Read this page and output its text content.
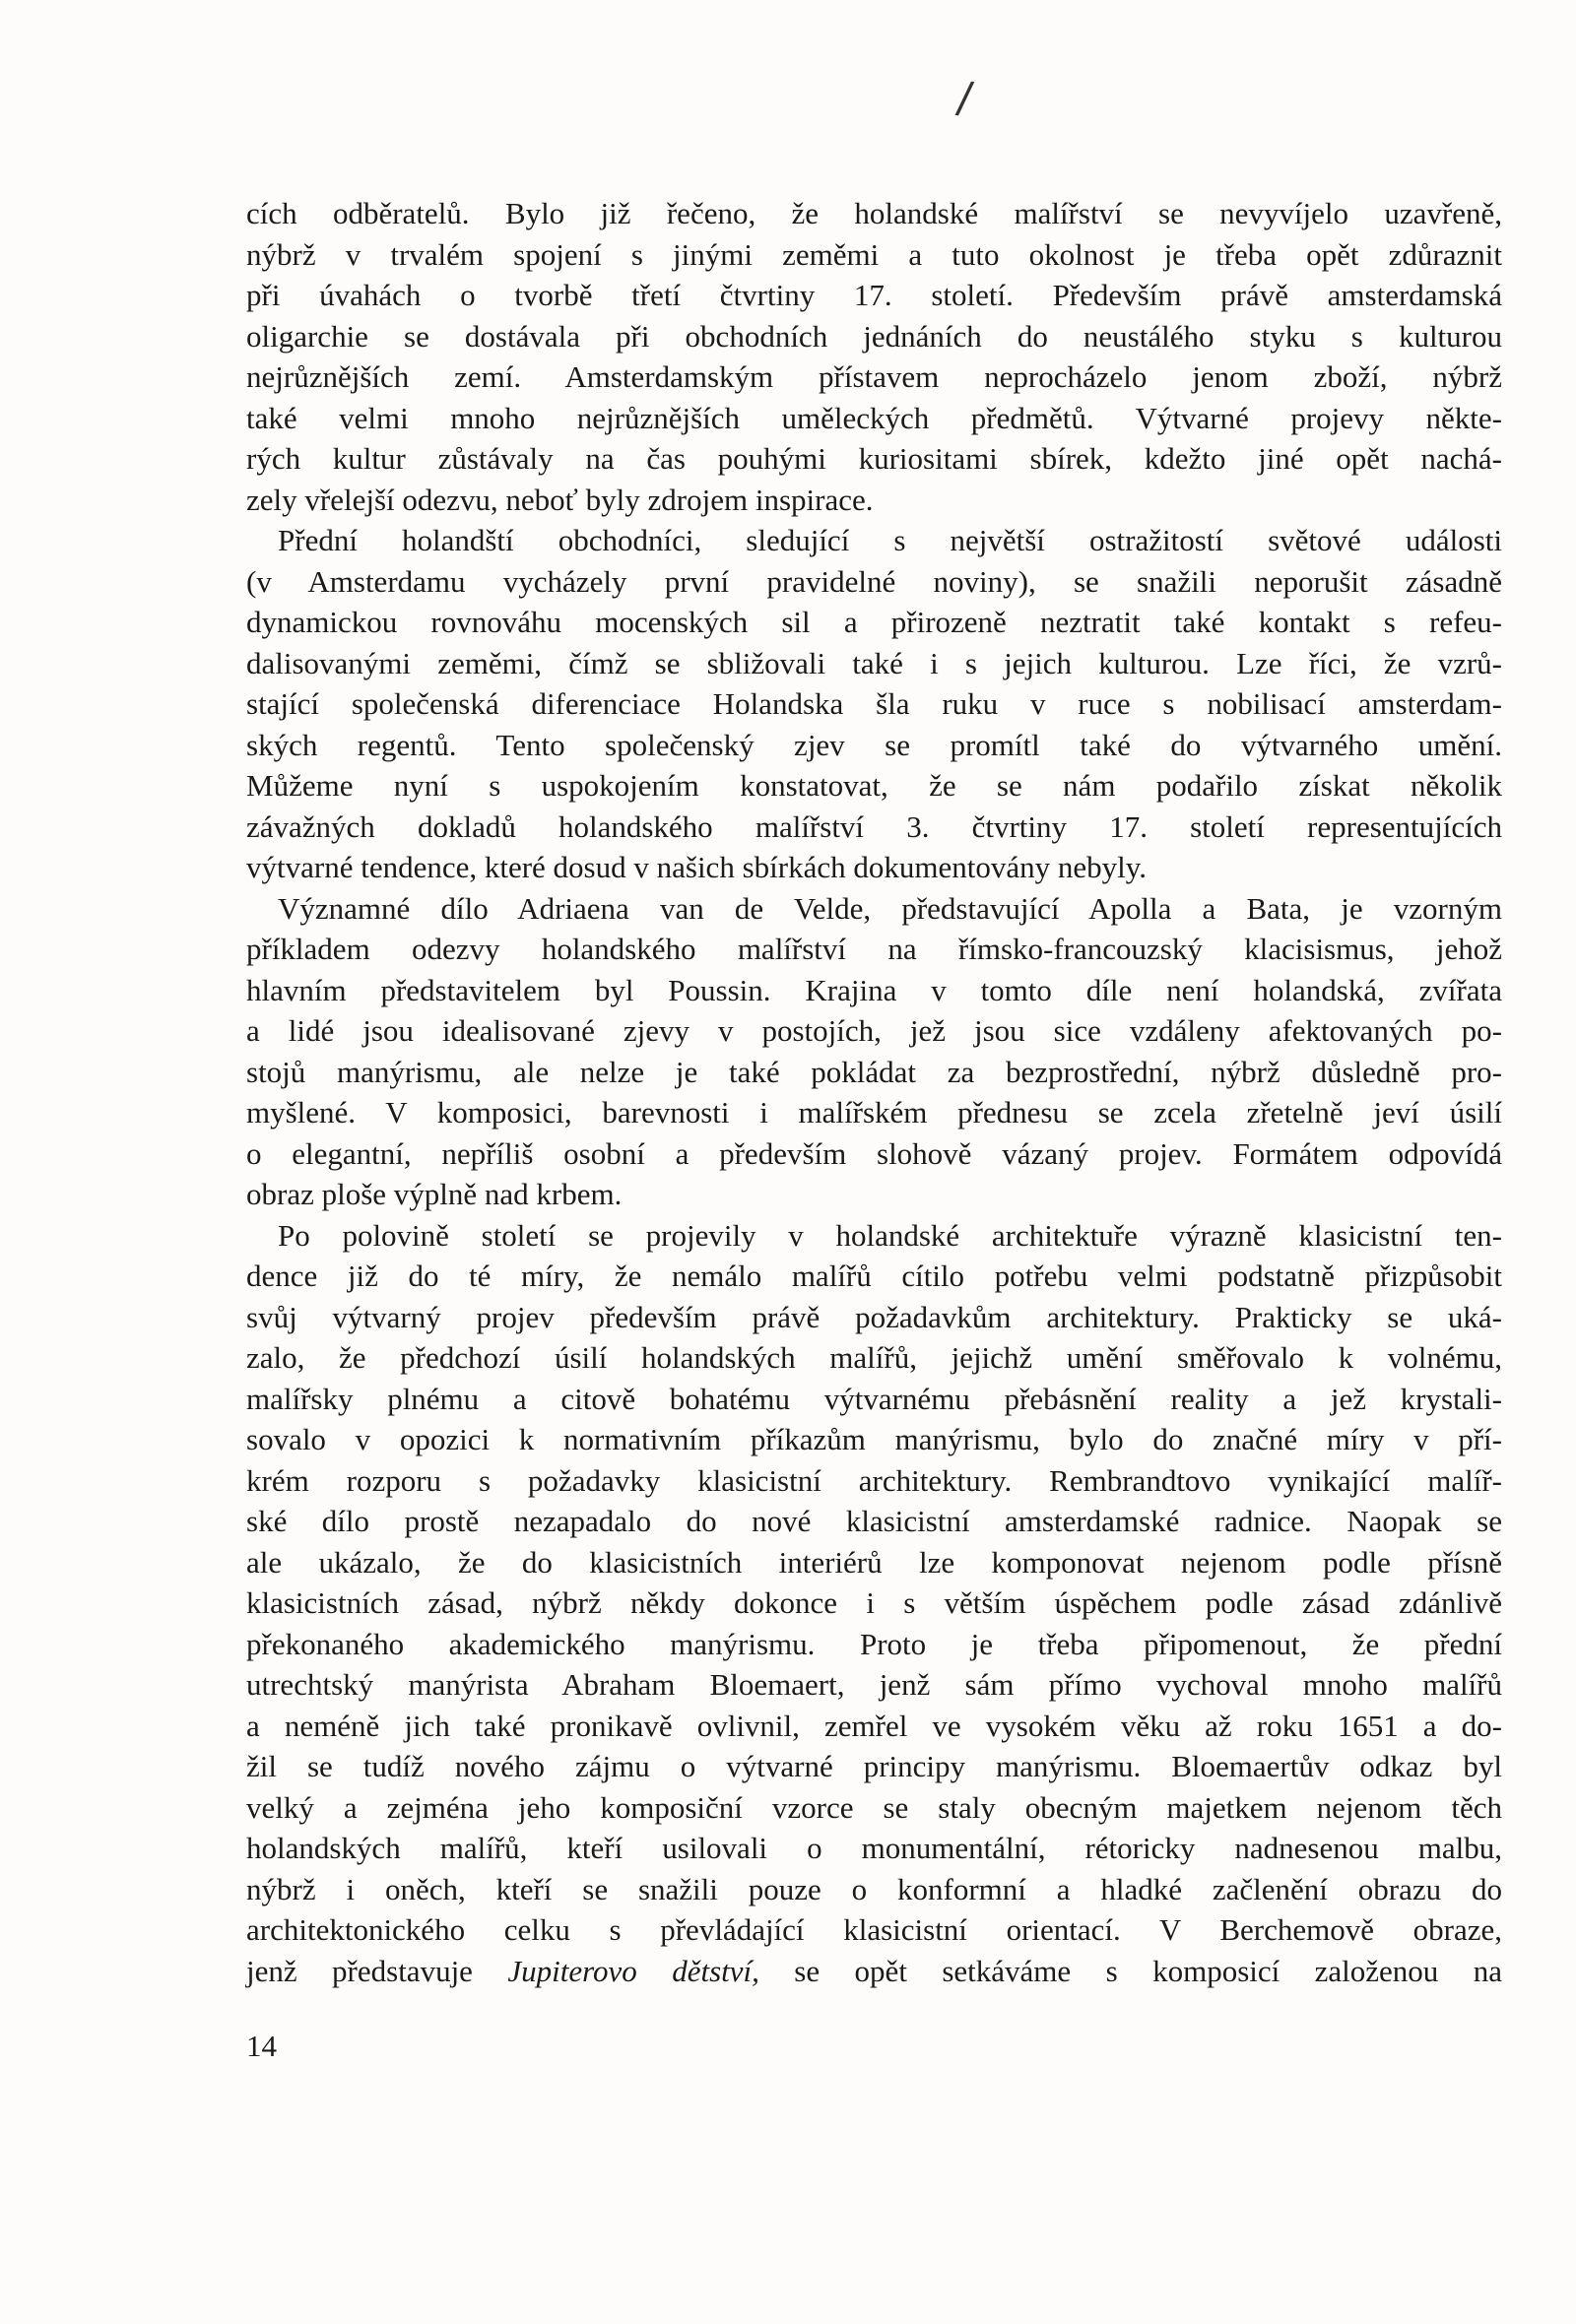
/
cích odběratelů. Bylo již řečeno, že holandské malířství se nevyvíjelo uzavřeně,
nýbrž v trvalém spojení s jinými zeměmi a tuto okolnost je třeba opět zdůraznit
při úvahách o tvorbě třetí čtvrtiny 17. století. Především právě amsterdamská
oligarchie se dostávala při obchodních jednáních do neustálého styku s kulturou
nejrůznějších zemí. Amsterdamským přístavem neprocházelo jenom zboží, nýbrž
také velmi mnoho nejrůznějších uměleckých předmětů. Výtvarné projevy někte-
rých kultur zůstávaly na čas pouhými kuriositami sbírek, kdežto jiné opět nachá-
zely vřelejší odezvu, neboť byly zdrojem inspirace.
Přední holandští obchodníci, sledující s největší ostražitostí světové události
(v Amsterdamu vycházely první pravidelné noviny), se snažili neporušit zásadně
dynamickou rovnováhu mocenských sil a přirozeně neztratit také kontakt s refeu-
dalisovanými zeměmi, čímž se sbližovali také i s jejich kulturou. Lze říci, že vzrů-
stající společenská diferenciace Holandska šla ruku v ruce s nobilisací amsterdam-
ských regentů. Tento společenský zjev se promítl také do výtvarného umění.
Můžeme nyní s uspokojením konstatovat, že se nám podařilo získat několik
závažných dokladů holandského malířství 3. čtvrtiny 17. století representujících
výtvarné tendence, které dosud v našich sbírkách dokumentovány nebyly.
Významné dílo Adriaena van de Velde, představující Apolla a Bata, je vzorným
příkladem odezvy holandského malířství na římsko-francouzský klacisismus, jehož
hlavním představitelem byl Poussin. Krajina v tomto díle není holandská, zvířata
a lidé jsou idealisované zjevy v postojích, jež jsou sice vzdáleny afektovaných po-
stojů manýrismu, ale nelze je také pokládat za bezprostřední, nýbrž důsledně pro-
myšlené. V komposici, barevnosti i malířském přednesu se zcela zřetelně jeví úsilí
o elegantní, nepříliš osobní a především slohově vázaný projev. Formátem odpovídá
obraz ploše výplně nad krbem.
Po polovině století se projevily v holandské architektuře výrazně klasicistní ten-
dence již do té míry, že nemálo malířů cítilo potřebu velmi podstatně přizpůsobit
svůj výtvarný projev především právě požadavkům architektury. Prakticky se uká-
zalo, že předchozí úsilí holandských malířů, jejichž umění směřovalo k volnému,
malířsky plnému a citově bohatému výtvarnému přebásnění reality a jež krystali-
sovalo v opozici k normativním příkazům manýrismu, bylo do značné míry v pří-
krém rozporu s požadavky klasicistní architektury. Rembrandtovo vynikající malíř-
ské dílo prostě nezapadalo do nové klasicistní amsterdamské radnice. Naopak se
ale ukázalo, že do klasicistních interiérů lze komponovat nejenom podle přísně
klasicistních zásad, nýbrž někdy dokonce i s větším úspěchem podle zásad zdánlivě
překonaného akademického manýrismu. Proto je třeba připomenout, že přední
utrechtský manýrista Abraham Bloemaert, jenž sám přímo vychoval mnoho malířů
a neméně jich také pronikavě ovlivnil, zemřel ve vysokém věku až roku 1651 a do-
žil se tudíž nového zájmu o výtvarné principy manýrismu. Bloemaertův odkaz byl
velký a zejména jeho komposiční vzorce se staly obecným majetkem nejenom těch
holandských malířů, kteří usilovali o monumentální, rétoricky nadnesenou malbu,
nýbrž i oněch, kteří se snažili pouze o konformní a hladké začlenění obrazu do
architektonického celku s převládající klasicistní orientací. V Berchemově obraze,
jenž představuje Jupiterovo dětství, se opět setkáváme s komposicí založenou na
14
